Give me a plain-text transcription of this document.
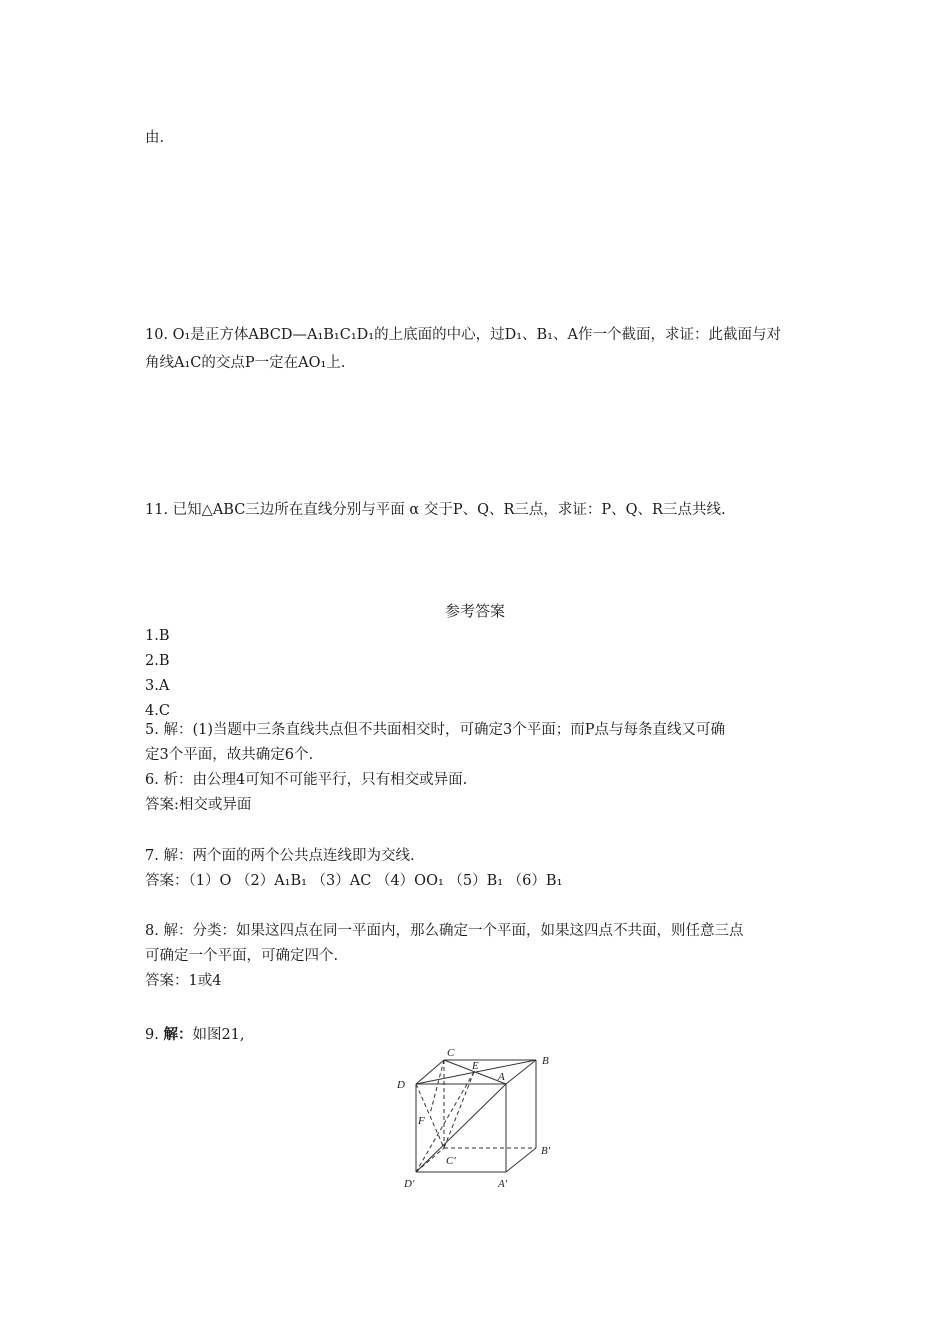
由.
10. O₁是正方体ABCD—A₁B₁C₁D₁的上底面的中心，过D₁、B₁、A作一个截面，求证：此截面与对
角线A₁C的交点P一定在AO₁上.
11. 已知△ABC三边所在直线分别与平面 α 交于P、Q、R三点，求证：P、Q、R三点共线.
参考答案
1.B
2.B
3.A
4.C
5. 解：(1)当题中三条直线共点但不共面相交时，可确定3个平面；而P点与每条直线又可确
定3个平面，故共确定6个.
6. 析：由公理4可知不可能平行，只有相交或异面.
答案:相交或异面
7. 解：两个面的两个公共点连线即为交线.
答案：（1）O （2）A₁B₁ （3）AC （4）OO₁ （5）B₁ （6）B₁
8. 解：分类：如果这四点在同一平面内，那么确定一个平面，如果这四点不共面，则任意三点
可确定一个平面，可确定四个.
答案：1或4
9. 解：如图21,
C
E
A
B
D
F
C′
B′
D′	A′
